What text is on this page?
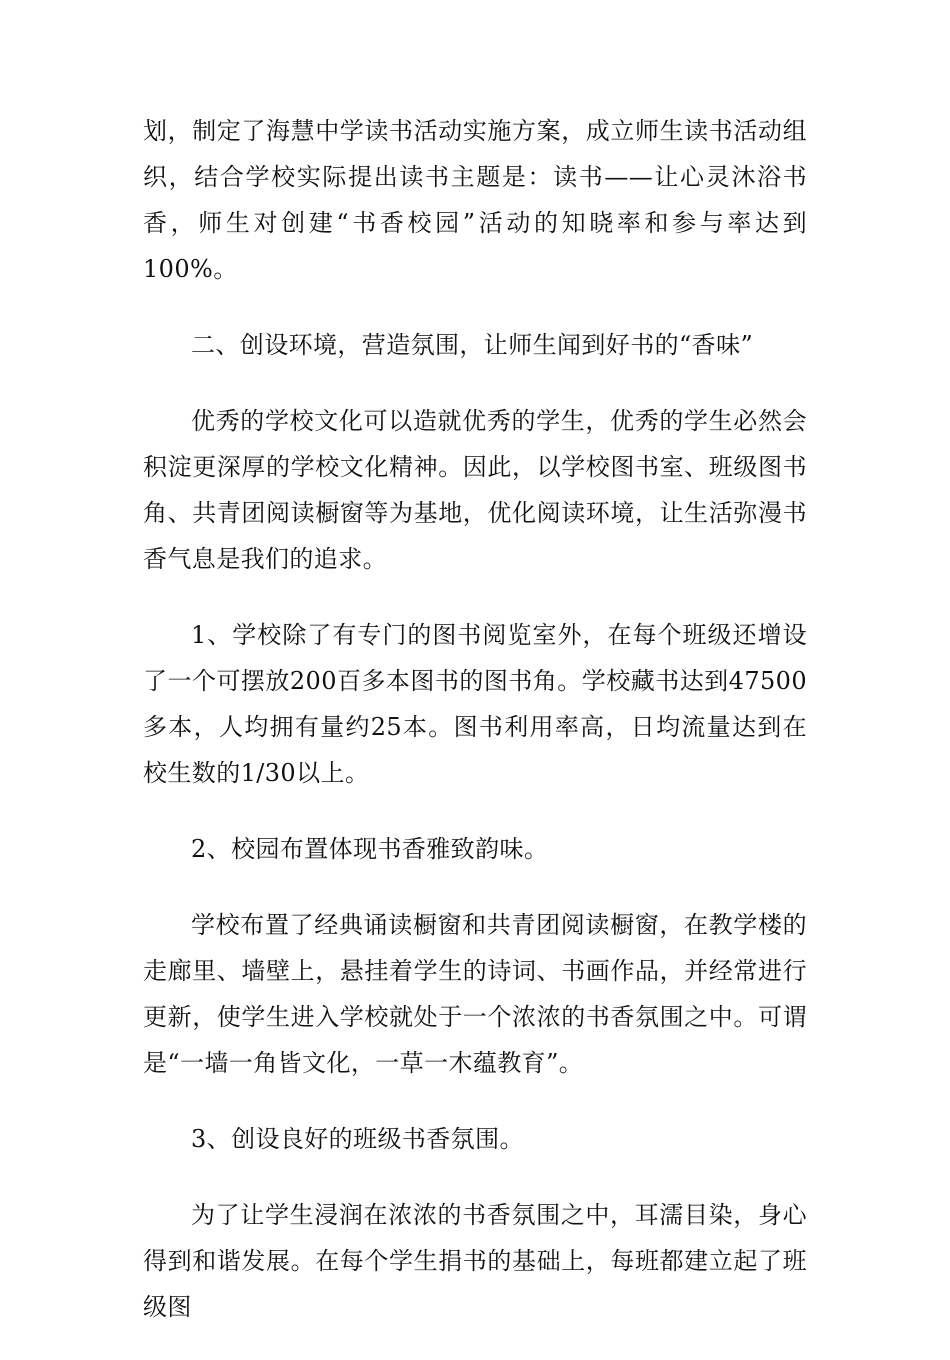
划，制定了海慧中学读书活动实施方案，成立师生读书活动组织，结合学校实际提出读书主题是：读书——让心灵沐浴书香，师生对创建“书香校园”活动的知晓率和参与率达到100%。

二、创设环境，营造氛围，让师生闻到好书的“香味”

优秀的学校文化可以造就优秀的学生，优秀的学生必然会积淀更深厚的学校文化精神。因此，以学校图书室、班级图书角、共青团阅读橱窗等为基地，优化阅读环境，让生活弥漫书香气息是我们的追求。

1、学校除了有专门的图书阅览室外，在每个班级还增设了一个可摆放200百多本图书的图书角。学校藏书达到47500多本，人均拥有量约25本。图书利用率高，日均流量达到在校生数的1/30以上。

2、校园布置体现书香雅致韵味。

学校布置了经典诵读橱窗和共青团阅读橱窗，在教学楼的走廊里、墙壁上，悬挂着学生的诗词、书画作品，并经常进行更新，使学生进入学校就处于一个浓浓的书香氛围之中。可谓是“一墙一角皆文化，一草一木蕴教育”。

3、创设良好的班级书香氛围。

为了让学生浸润在浓浓的书香氛围之中，耳濡目染，身心得到和谐发展。在每个学生捐书的基础上，每班都建立起了班级图
